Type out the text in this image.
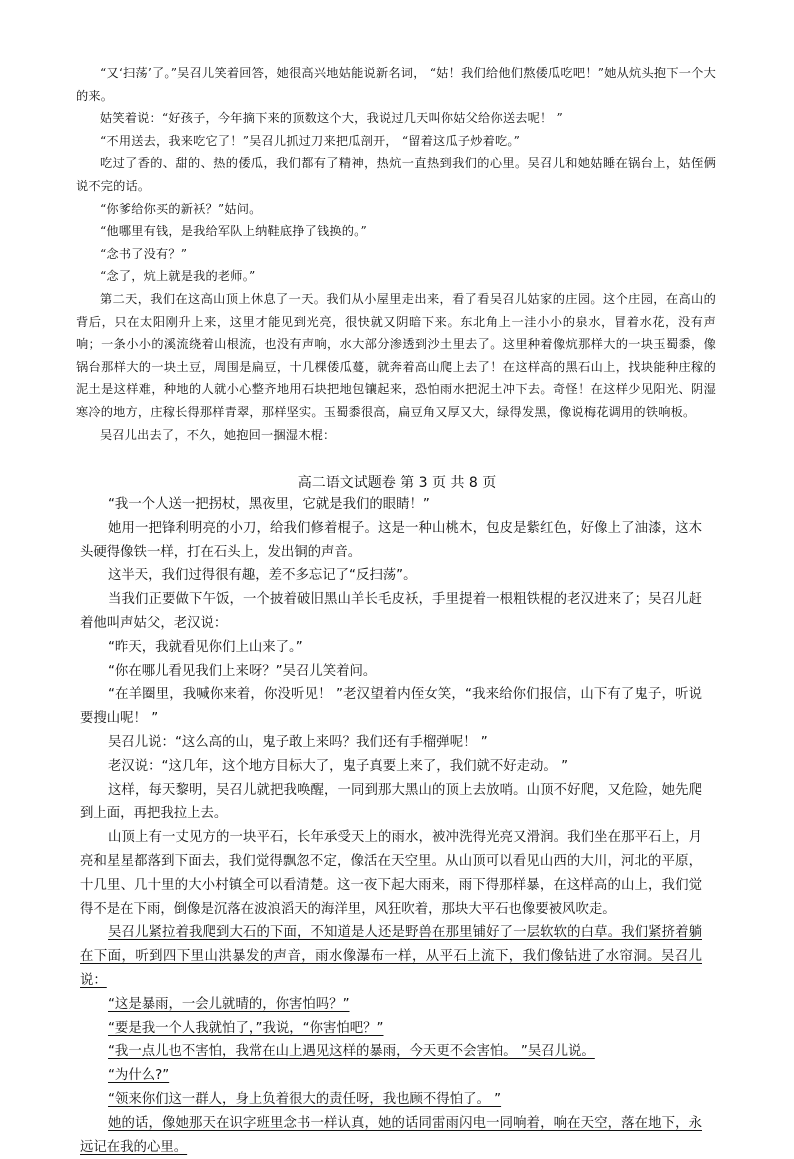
“又‘扫荡’了。”吴召儿笑着回答，她很高兴地姑能说新名词， “姑！我们给他们熬倭瓜吃吧！”她从炕头抱下一个大的来。

姑笑着说：“好孩子，今年摘下来的顶数这个大，我说过几天叫你姑父给你送去呢！ ”

“不用送去，我来吃它了！”吴召儿抓过刀来把瓜剖开， “留着这瓜子炒着吃。”

吃过了香的、甜的、热的倭瓜，我们都有了精神，热炕一直热到我们的心里。吴召儿和她姑睡在锅台上，姑侄俩说不完的话。

“你爹给你买的新袄？”姑问。

“他哪里有钱，是我给军队上纳鞋底挣了钱换的。”

“念书了没有？”

“念了，炕上就是我的老师。”

第二天，我们在这高山顶上休息了一天。我们从小屋里走出来，看了看吴召儿姑家的庄园。这个庄园，在高山的背后，只在太阳刚升上来，这里才能见到光亮，很快就又阴暗下来。东北角上一洼小小的泉水，冒着水花，没有声响；一条小小的溪流绕着山根流，也没有声响，水大部分渗透到沙土里去了。这里种着像炕那样大的一块玉蜀黍，像锅台那样大的一块土豆，周围是扁豆，十几棵倭瓜蔓，就奔着高山爬上去了！在这样高的黑石山上，找块能种庄稼的泥土是这样难，种地的人就小心整齐地用石块把地包镶起来，恐怕雨水把泥土冲下去。奇怪！在这样少见阳光、阴湿寒冷的地方，庄稼长得那样青翠，那样坚实。玉蜀黍很高，扁豆角又厚又大，绿得发黑，像说梅花调用的铁响板。

吴召儿出去了，不久，她抱回一捆湿木棍：

高二语文试题卷 第 3 页 共 8 页

“我一个人送一把拐杖，黑夜里，它就是我们的眼睛！”

她用一把锋利明亮的小刀，给我们修着棍子。这是一种山桃木，包皮是紫红色，好像上了油漆，这木头硬得像铁一样，打在石头上，发出铜的声音。

这半天，我们过得很有趣，差不多忘记了“反扫荡”。

当我们正要做下午饭，一个披着破旧黑山羊长毛皮袄，手里提着一根粗铁棍的老汉进来了；吴召儿赶着他叫声姑父，老汉说：

“昨天，我就看见你们上山来了。”

“你在哪儿看见我们上来呀？”吴召儿笑着问。

“在羊圈里，我喊你来着，你没听见！ ”老汉望着内侄女笑，“我来给你们报信，山下有了鬼子，听说要搜山呢！ ”

吴召儿说：“这么高的山，鬼子敢上来吗？我们还有手榴弹呢！ ”

老汉说：“这几年，这个地方目标大了，鬼子真要上来了，我们就不好走动。 ”

这样，每天黎明，吴召儿就把我唤醒，一同到那大黑山的顶上去放哨。山顶不好爬，又危险，她先爬到上面，再把我拉上去。

山顶上有一丈见方的一块平石，长年承受天上的雨水，被冲洗得光亮又滑润。我们坐在那平石上，月亮和星星都落到下面去，我们觉得飘忽不定，像活在天空里。从山顶可以看见山西的大川，河北的平原，十几里、几十里的大小村镇全可以看清楚。这一夜下起大雨来，雨下得那样暴，在这样高的山上，我们觉得不是在下雨，倒像是沉落在波浪滔天的海洋里，风狂吹着，那块大平石也像要被风吹走。

吴召儿紧拉着我爬到大石的下面，不知道是人还是野兽在那里铺好了一层软软的白草。我们紧挤着躺在下面，听到四下里山洪暴发的声音，雨水像瀑布一样，从平石上流下，我们像钻进了水帘洞。吴召儿说：

“这是暴雨，一会儿就晴的，你害怕吗？”

“要是我一个人我就怕了，”我说，“你害怕吧？”

“我一点儿也不害怕，我常在山上遇见这样的暴雨，今天更不会害怕。 ”吴召儿说。

“为什么?”

“领来你们这一群人，身上负着很大的责任呀，我也顾不得怕了。 ”

她的话，像她那天在识字班里念书一样认真，她的话同雷雨闪电一同响着，响在天空，落在地下，永远记在我的心里。
